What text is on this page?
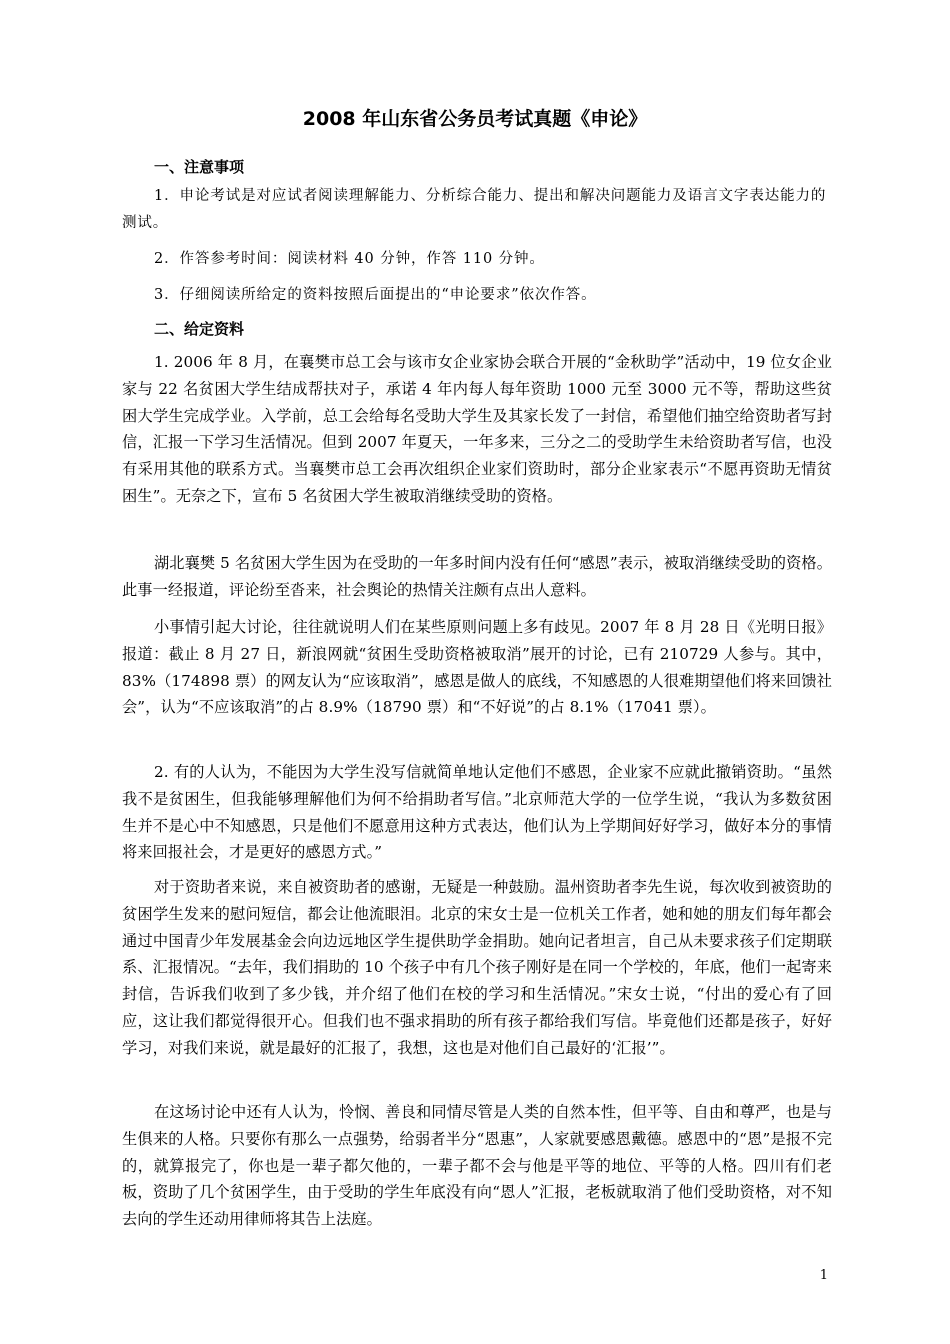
2008 年山东省公务员考试真题《申论》
一、注意事项

1．申论考试是对应试者阅读理解能力、分析综合能力、提出和解决问题能力及语言文字表达能力的测试。

2．作答参考时间：阅读材料 40 分钟，作答 110 分钟。

3．仔细阅读所给定的资料按照后面提出的“申论要求”依次作答。

二、给定资料

1. 2006 年 8 月，在襄樊市总工会与该市女企业家协会联合开展的“金秋助学”活动中，19 位女企业家与 22 名贫困大学生结成帮扶对子，承诺 4 年内每人每年资助 1000 元至 3000 元不等，帮助这些贫困大学生完成学业。入学前，总工会给每名受助大学生及其家长发了一封信，希望他们抽空给资助者写封信，汇报一下学习生活情况。但到 2007 年夏天，一年多来，三分之二的受助学生未给资助者写信，也没有采用其他的联系方式。当襄樊市总工会再次组织企业家们资助时，部分企业家表示“不愿再资助无情贫困生”。无奈之下，宣布 5 名贫困大学生被取消继续受助的资格。

湖北襄樊 5 名贫困大学生因为在受助的一年多时间内没有任何“感恩”表示，被取消继续受助的资格。此事一经报道，评论纷至沓来，社会舆论的热情关注颇有点出人意料。

小事情引起大讨论，往往就说明人们在某些原则问题上多有歧见。2007 年 8 月 28 日《光明日报》报道：截止 8 月 27 日，新浪网就“贫困生受助资格被取消”展开的讨论，已有 210729 人参与。其中，83%（174898 票）的网友认为“应该取消”，感恩是做人的底线，不知感恩的人很难期望他们将来回馈社会”，认为“不应该取消”的占 8.9%（18790 票）和“不好说”的占 8.1%（17041 票）。

2. 有的人认为，不能因为大学生没写信就简单地认定他们不感恩，企业家不应就此撤销资助。“虽然我不是贫困生，但我能够理解他们为何不给捐助者写信。”北京师范大学的一位学生说，“我认为多数贫困生并不是心中不知感恩，只是他们不愿意用这种方式表达，他们认为上学期间好好学习，做好本分的事情将来回报社会，才是更好的感恩方式。”

对于资助者来说，来自被资助者的感谢，无疑是一种鼓励。温州资助者李先生说，每次收到被资助的贫困学生发来的慰问短信，都会让他流眼泪。北京的宋女士是一位机关工作者，她和她的朋友们每年都会通过中国青少年发展基金会向边远地区学生提供助学金捐助。她向记者坦言，自己从未要求孩子们定期联系、汇报情况。“去年，我们捐助的 10 个孩子中有几个孩子刚好是在同一个学校的，年底，他们一起寄来封信，告诉我们收到了多少钱，并介绍了他们在校的学习和生活情况。”宋女士说，“付出的爱心有了回应，这让我们都觉得很开心。但我们也不强求捐助的所有孩子都给我们写信。毕竟他们还都是孩子，好好学习，对我们来说，就是最好的汇报了，我想，这也是对他们自己最好的‘汇报’”。

在这场讨论中还有人认为，怜悯、善良和同情尽管是人类的自然本性，但平等、自由和尊严，也是与生俱来的人格。只要你有那么一点强势，给弱者半分“恩惠”，人家就要感恩戴德。感恩中的“恩”是报不完的，就算报完了，你也是一辈子都欠他的，一辈子都不会与他是平等的地位、平等的人格。四川有们老板，资助了几个贫困学生，由于受助的学生年底没有向“恩人”汇报，老板就取消了他们受助资格，对不知去向的学生还动用律师将其告上法庭。

1
